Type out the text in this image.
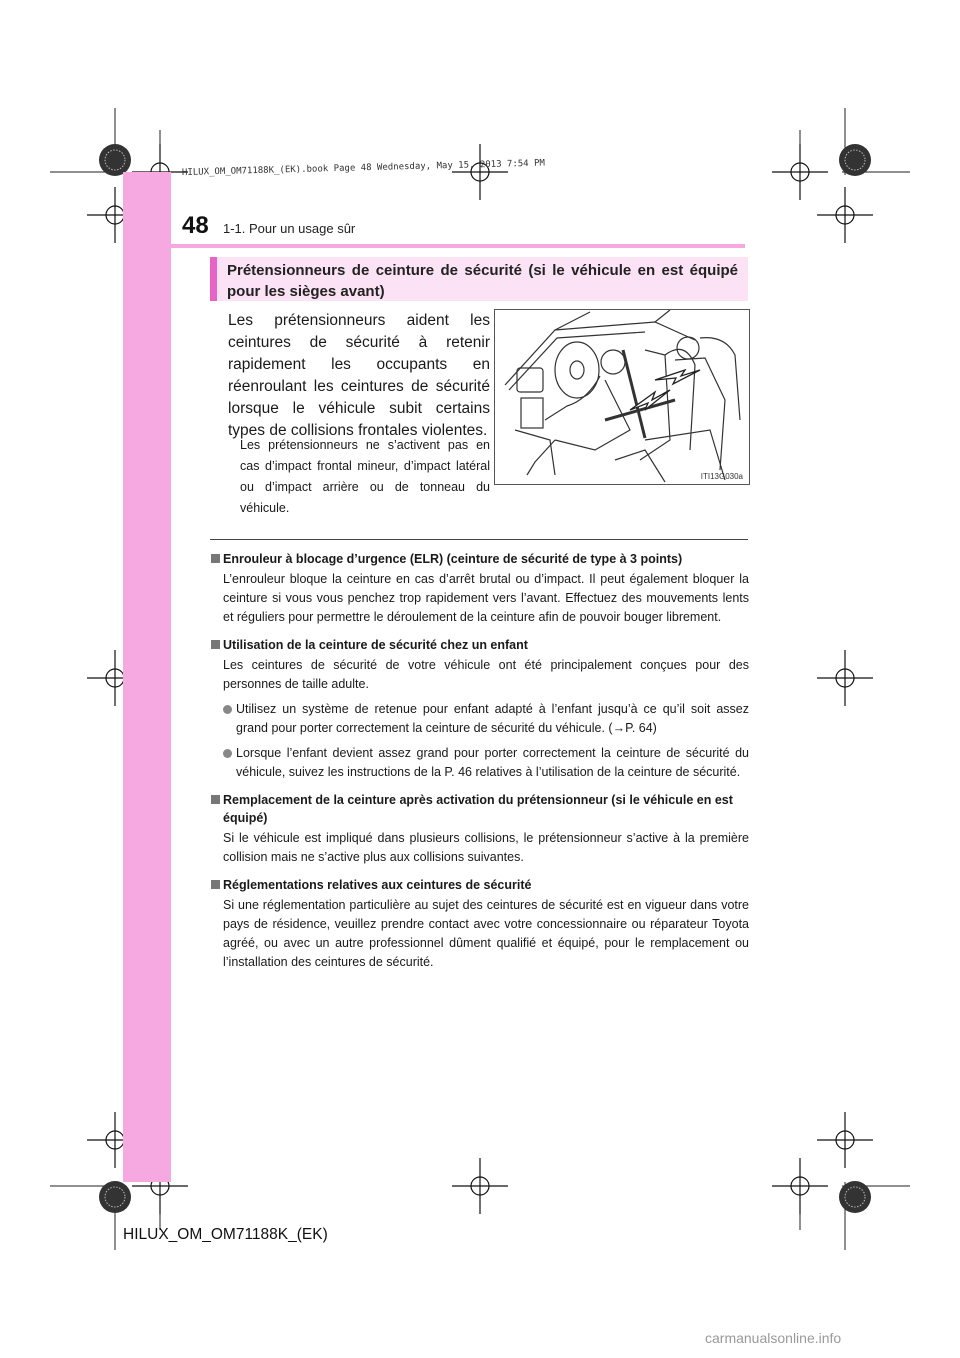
HILUX_OM_OM71188K_(EK).book Page 48 Wednesday, May 15, 2013 7:54 PM
48 1-1. Pour un usage sûr
Prétensionneurs de ceinture de sécurité (si le véhicule en est équipé
pour les sièges avant)

Les prétensionneurs aident les ceintures de sécurité à retenir rapidement les occupants en réenroulant les ceintures de sécurité lorsque le véhicule subit certains types de collisions frontales violentes.

Les prétensionneurs ne s’activent pas en cas d’impact frontal mineur, d’impact latéral ou d’impact arrière ou de tonneau du véhicule.

ITI13G030a
Enrouleur à blocage d’urgence (ELR) (ceinture de sécurité de type à 3 points)

L’enrouleur bloque la ceinture en cas d’arrêt brutal ou d’impact. Il peut également bloquer la ceinture si vous vous penchez trop rapidement vers l’avant. Effectuez des mouvements lents et réguliers pour permettre le déroulement de la ceinture afin de pouvoir bouger librement.

Utilisation de la ceinture de sécurité chez un enfant

Les ceintures de sécurité de votre véhicule ont été principalement conçues pour des personnes de taille adulte.

Utilisez un système de retenue pour enfant adapté à l’enfant jusqu’à ce qu’il soit assez grand pour porter correctement la ceinture de sécurité du véhicule. (→P. 64)

Lorsque l’enfant devient assez grand pour porter correctement la ceinture de sécurité du véhicule, suivez les instructions de la P. 46 relatives à l’utilisation de la ceinture de sécurité.

Remplacement de la ceinture après activation du prétensionneur (si le véhicule en est équipé)

Si le véhicule est impliqué dans plusieurs collisions, le prétensionneur s’active à la première collision mais ne s’active plus aux collisions suivantes.

Réglementations relatives aux ceintures de sécurité

Si une réglementation particulière au sujet des ceintures de sécurité est en vigueur dans votre pays de résidence, veuillez prendre contact avec votre concessionnaire ou réparateur Toyota agréé, ou avec un autre professionnel dûment qualifié et équipé, pour le remplacement ou l’installation des ceintures de sécurité.

HILUX_OM_OM71188K_(EK)
carmanualsonline.info
